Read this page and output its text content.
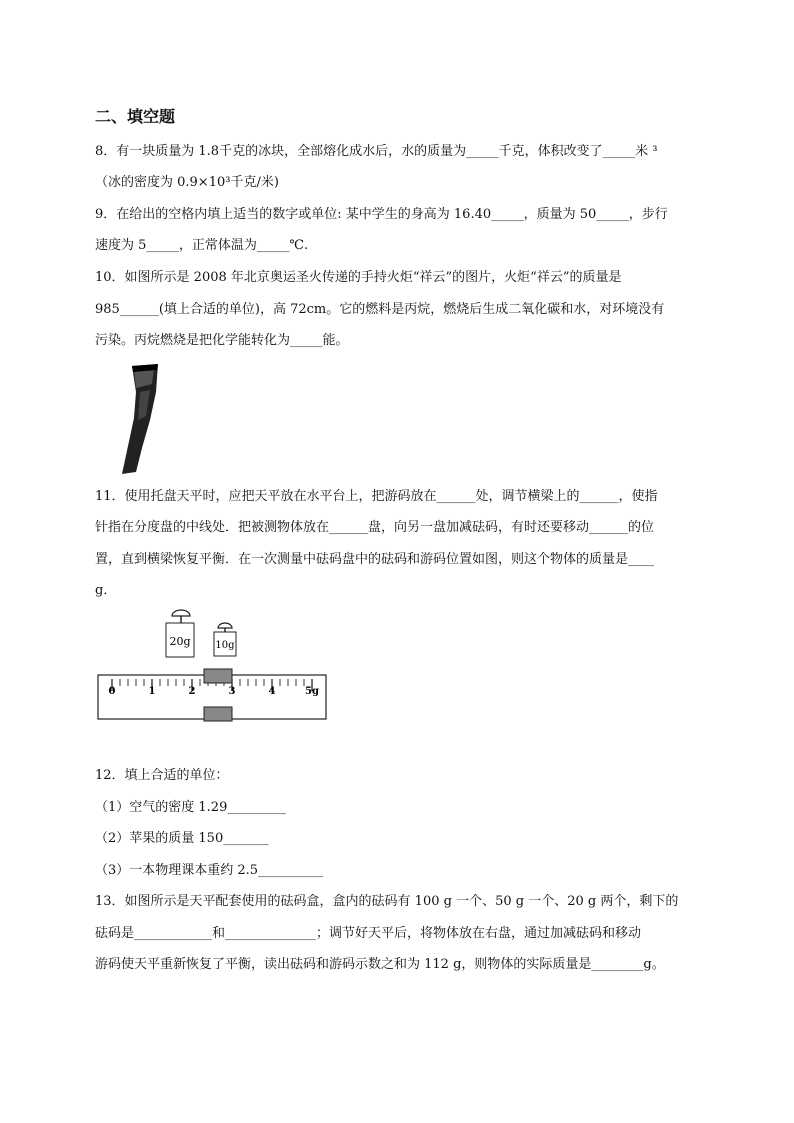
二、填空题
8．有一块质量为 1.8千克的冰块，全部熔化成水后，水的质量为_____千克，体积改变了_____米 ³
（冰的密度为 0.9×10³千克/米)
9．在给出的空格内填上适当的数字或单位: 某中学生的身高为 16.40_____，质量为 50_____，步行
速度为 5_____，正常体温为_____℃.
10．如图所示是 2008 年北京奥运圣火传递的手持火炬“祥云”的图片，火炬“祥云”的质量是
985______(填上合适的单位)，高 72cm。它的燃料是丙烷，燃烧后生成二氧化碳和水，对环境没有
污染。丙烷燃烧是把化学能转化为_____能。
11．使用托盘天平时，应把天平放在水平台上，把游码放在______处，调节横梁上的______，使指
针指在分度盘的中线处．把被测物体放在______盘，向另一盘加减砝码，有时还要移动______的位
置，直到横梁恢复平衡．在一次测量中砝码盘中的砝码和游码位置如图，则这个物体的质量是____
g．
20g 10g
0	1	2	3	4	5g
12．填上合适的单位：
（1）空气的密度 1.29_________
（2）苹果的质量 150_______
（3）一本物理课本重约 2.5__________
13．如图所示是天平配套使用的砝码盒，盒内的砝码有 100 g 一个、50 g 一个、20 g 两个，剩下的
砝码是____________和______________；调节好天平后，将物体放在右盘，通过加减砝码和移动
游码使天平重新恢复了平衡，读出砝码和游码示数之和为 112 g，则物体的实际质量是________g。
